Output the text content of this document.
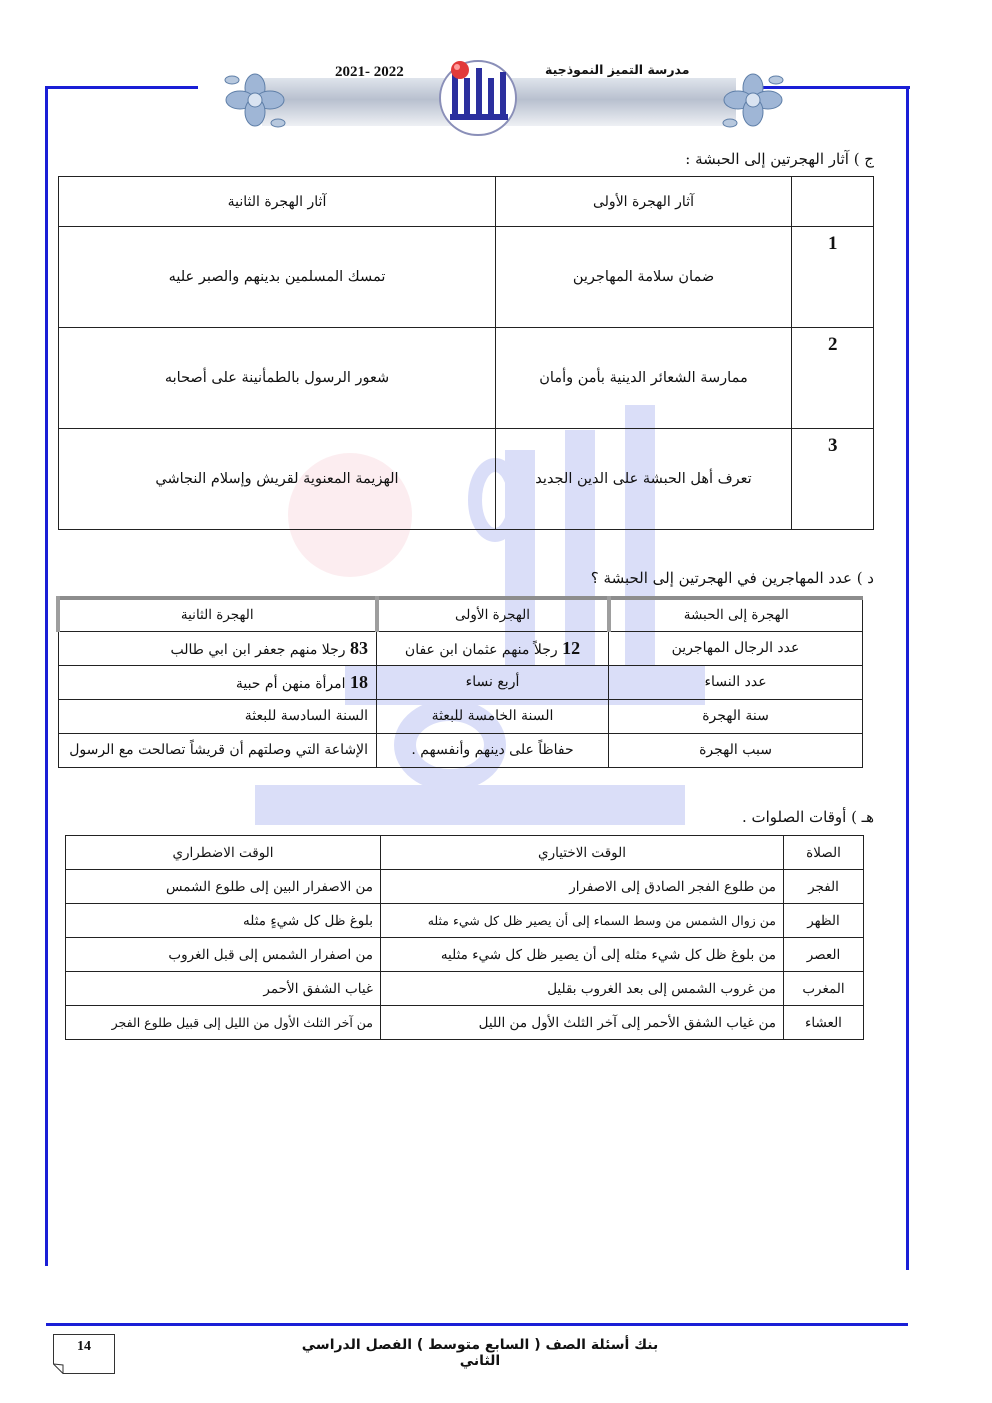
2021- 2022	مدرسة التميز النموذجية
ج ) آثار الهجرتين إلى الحبشة :
	آثار الهجرة الأولى	آثار الهجرة الثانية
1	ضمان سلامة المهاجرين	تمسك المسلمين بدينهم والصبر عليه
2	ممارسة الشعائر الدينية بأمن وأمان	شعور الرسول بالطمأنينة على أصحابه
3	تعرف أهل الحبشة على الدين الجديد	الهزيمة المعنوية لقريش وإسلام النجاشي
د ) عدد المهاجرين في الهجرتين إلى الحبشة ؟
الهجرة إلى الحبشة	الهجرة الأولى	الهجرة الثانية
عدد الرجال المهاجرين	12 رجلاً منهم عثمان ابن عفان	83 رجلا منهم جعفر ابن ابي طالب
عدد النساء	أربع نساء	18 امرأة منهن أم حبية
سنة الهجرة	السنة الخامسة للبعثة	السنة السادسة للبعثة
سبب الهجرة	حفاظاً على دينهم وأنفسهم .	الإشاعة التي وصلتهم أن قريشاً تصالحت مع الرسول
هـ ) أوقات الصلوات .
الصلاة	الوقت الاختياري	الوقت الاضطراري
الفجر	من طلوع الفجر الصادق إلى الاصفرار	من الاصفرار البين إلى طلوع الشمس
الظهر	من زوال الشمس من وسط السماء إلى أن يصير ظل كل شيء مثله	بلوغ ظل كل شيءٍ مثله
العصر	من بلوغ ظل كل شيء مثله إلى أن يصير ظل كل شيء مثليه	من اصفرار الشمس إلى قبل الغروب
المغرب	من غروب الشمس إلى بعد الغروب بقليل	غياب الشفق الأحمر
العشاء	من غياب الشفق الأحمر إلى آخر الثلث الأول من الليل	من آخر الثلث الأول من الليل إلى قبيل طلوع الفجر
بنك أسئلة الصف ( السابع متوسط ) الفصل الدراسي الثاني
14
